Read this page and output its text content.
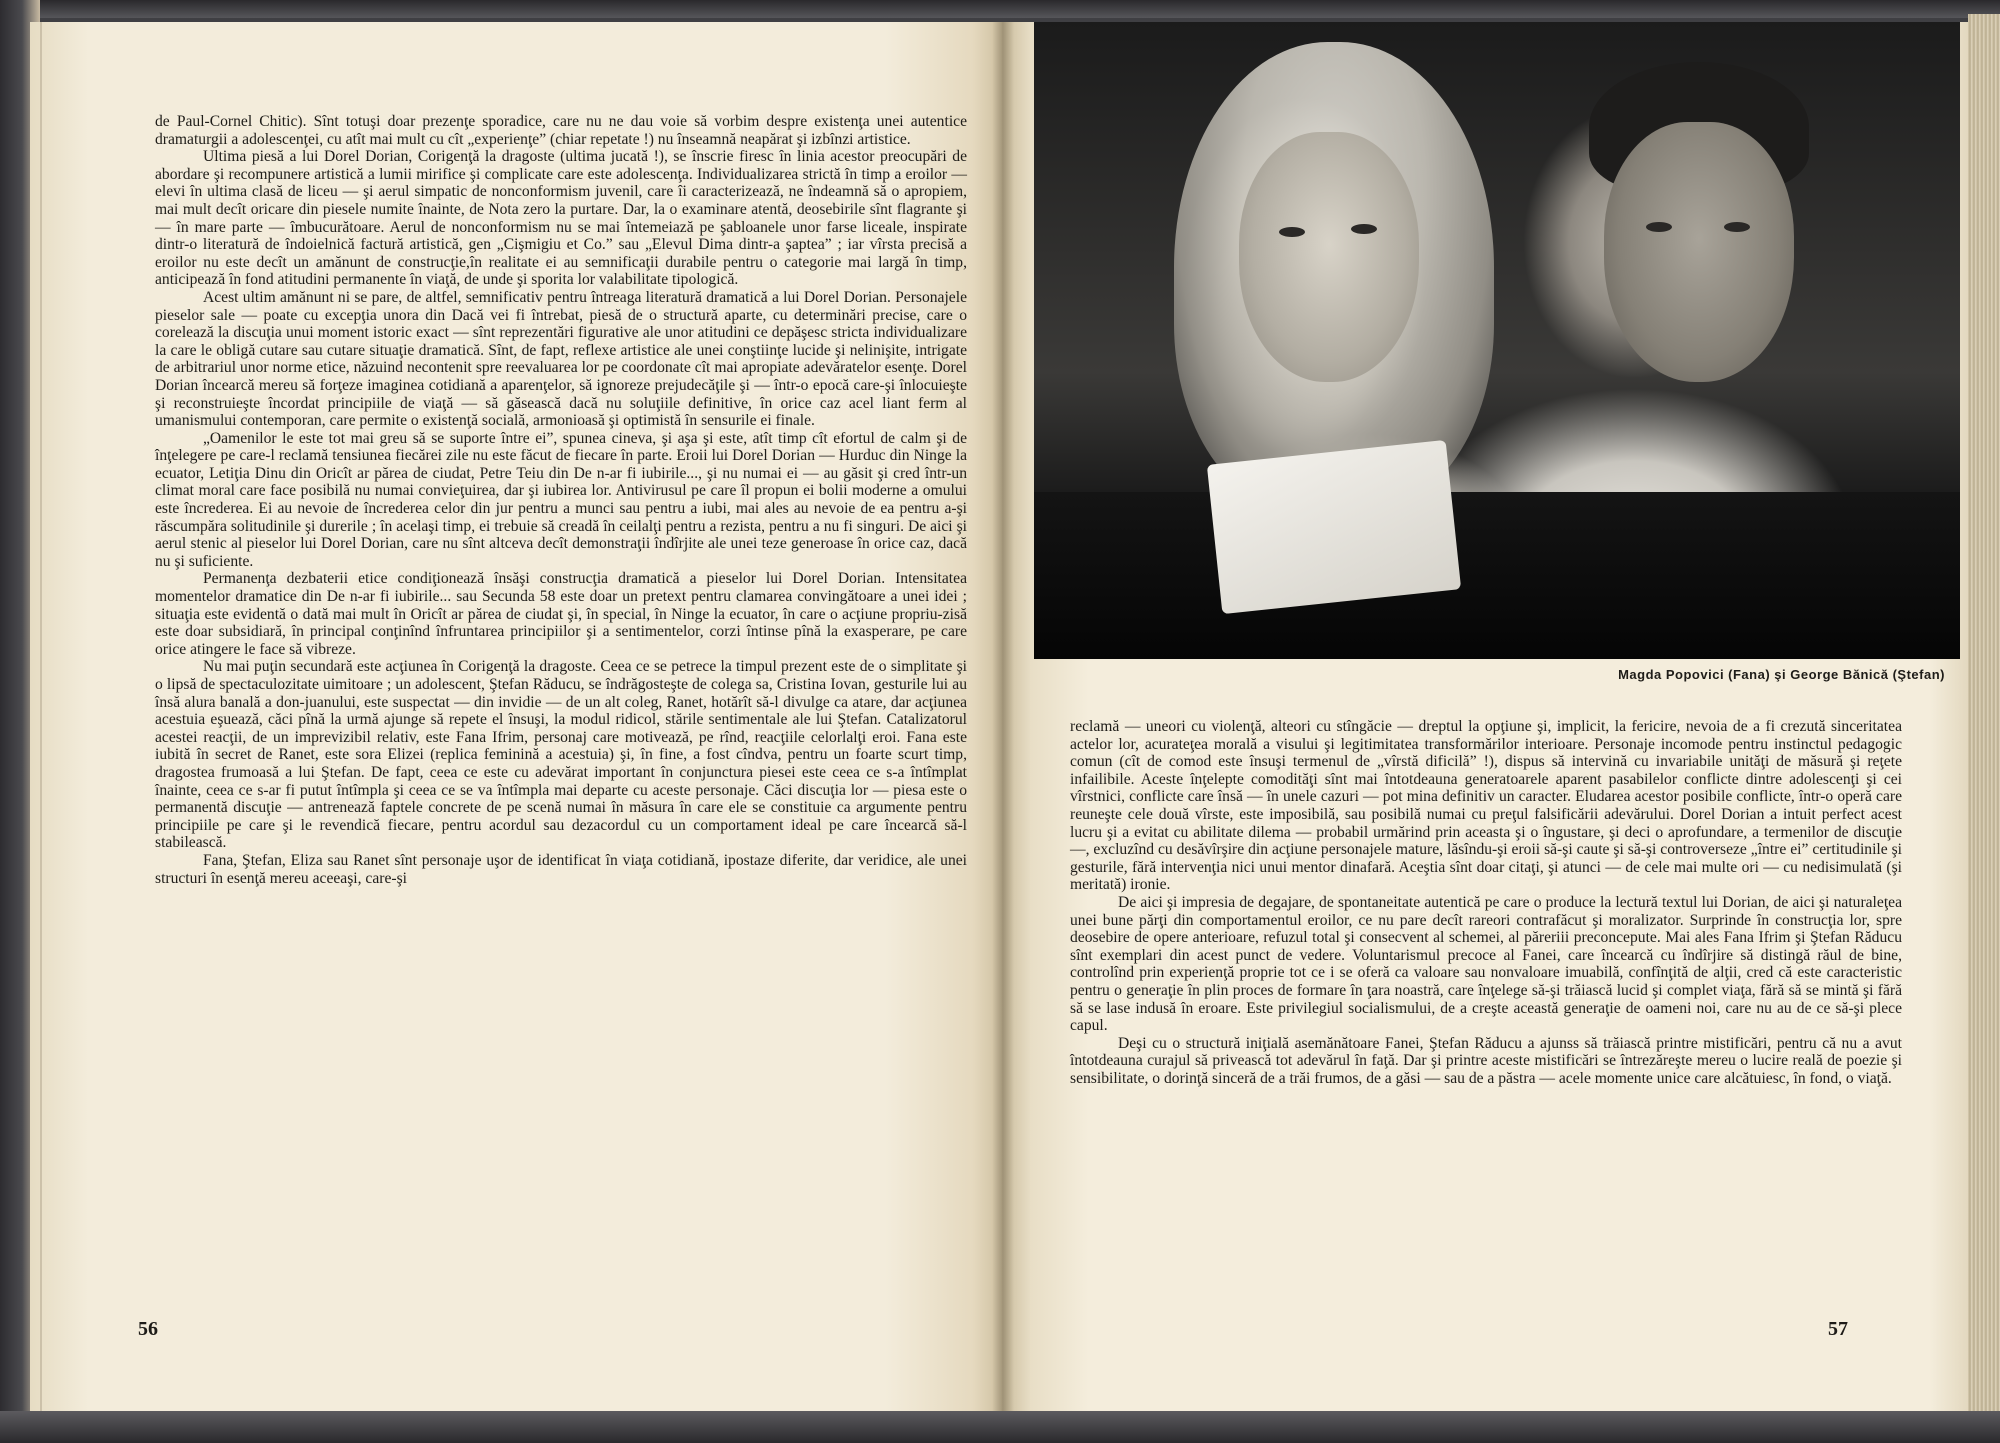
de Paul-Cornel Chitic). Sînt totuşi doar prezenţe sporadice, care nu ne dau voie să vorbim despre existenţa unei autentice dramaturgii a adolescenţei, cu atît mai mult cu cît „experienţe” (chiar repetate !) nu înseamnă neapărat şi izbînzi artistice.

Ultima piesă a lui Dorel Dorian, Corigenţă la dragoste (ultima jucată !), se înscrie firesc în linia acestor preocupări de abordare şi recompunere artistică a lumii mirifice şi complicate care este adolescenţa. Individualizarea strictă în timp a eroilor — elevi în ultima clasă de liceu — şi aerul simpatic de nonconformism juvenil, care îi caracterizează, ne îndeamnă să o apropiem, mai mult decît oricare din piesele numite înainte, de Nota zero la purtare. Dar, la o examinare atentă, deosebirile sînt flagrante şi — în mare parte — îmbucurătoare. Aerul de nonconformism nu se mai întemeiază pe şabloanele unor farse liceale, inspirate dintr-o literatură de îndoielnică factură artistică, gen „Cişmigiu et Co.” sau „Elevul Dima dintr-a şaptea” ; iar vîrsta precisă a eroilor nu este decît un amănunt de construcţie,în realitate ei au semnificaţii durabile pentru o categorie mai largă în timp, anticipează în fond atitudini permanente în viaţă, de unde şi sporita lor valabilitate tipologică.

Acest ultim amănunt ni se pare, de altfel, semnificativ pentru întreaga literatură dramatică a lui Dorel Dorian. Personajele pieselor sale — poate cu excepţia unora din Dacă vei fi întrebat, piesă de o structură aparte, cu determinări precise, care o corelează la discuţia unui moment istoric exact — sînt reprezentări figurative ale unor atitudini ce depăşesc stricta individualizare la care le obligă cutare sau cutare situaţie dramatică. Sînt, de fapt, reflexe artistice ale unei conştiinţe lucide şi nelinişite, intrigate de arbitrariul unor norme etice, năzuind necontenit spre reevaluarea lor pe coordonate cît mai apropiate adevăratelor esenţe. Dorel Dorian încearcă mereu să forţeze imaginea cotidiană a aparenţelor, să ignoreze prejudecăţile şi — într-o epocă care-şi înlocuieşte şi reconstruieşte încordat principiile de viaţă — să găsească dacă nu soluţiile definitive, în orice caz acel liant ferm al umanismului contemporan, care permite o existenţă socială, armonioasă şi optimistă în sensurile ei finale.

„Oamenilor le este tot mai greu să se suporte între ei”, spunea cineva, şi aşa şi este, atît timp cît efortul de calm şi de înţelegere pe care-l reclamă tensiunea fiecărei zile nu este făcut de fiecare în parte. Eroii lui Dorel Dorian — Hurduc din Ninge la ecuator, Letiţia Dinu din Oricît ar părea de ciudat, Petre Teiu din De n-ar fi iubirile..., şi nu numai ei — au găsit şi cred într-un climat moral care face posibilă nu numai convieţuirea, dar şi iubirea lor. Antivirusul pe care îl propun ei bolii moderne a omului este încrederea. Ei au nevoie de încrederea celor din jur pentru a munci sau pentru a iubi, mai ales au nevoie de ea pentru a-şi răscumpăra solitudinile şi durerile ; în acelaşi timp, ei trebuie să creadă în ceilalţi pentru a rezista, pentru a nu fi singuri. De aici şi aerul stenic al pieselor lui Dorel Dorian, care nu sînt altceva decît demonstraţii îndîrjite ale unei teze generoase în orice caz, dacă nu şi suficiente.

Permanenţa dezbaterii etice condiţionează însăşi construcţia dramatică a pieselor lui Dorel Dorian. Intensitatea momentelor dramatice din De n-ar fi iubirile... sau Secunda 58 este doar un pretext pentru clamarea convingătoare a unei idei ; situaţia este evidentă o dată mai mult în Oricît ar părea de ciudat şi, în special, în Ninge la ecuator, în care o acţiune propriu-zisă este doar subsidiară, în principal conţinînd înfruntarea principiilor şi a sentimentelor, corzi întinse pînă la exasperare, pe care orice atingere le face să vibreze.

Nu mai puţin secundară este acţiunea în Corigenţă la dragoste. Ceea ce se petrece la timpul prezent este de o simplitate şi o lipsă de spectaculozitate uimitoare ; un adolescent, Ştefan Răducu, se îndrăgosteşte de colega sa, Cristina Iovan, gesturile lui au însă alura banală a don-juanului, este suspectat — din invidie — de un alt coleg, Ranet, hotărît să-l divulge ca atare, dar acţiunea acestuia eşuează, căci pînă la urmă ajunge să repete el însuşi, la modul ridicol, stările sentimentale ale lui Ştefan. Catalizatorul acestei reacţii, de un imprevizibil relativ, este Fana Ifrim, personaj care motivează, pe rînd, reacţiile celorlalţi eroi. Fana este iubită în secret de Ranet, este sora Elizei (replica feminină a acestuia) şi, în fine, a fost cîndva, pentru un foarte scurt timp, dragostea frumoasă a lui Ştefan. De fapt, ceea ce este cu adevărat important în conjunctura piesei este ceea ce s-a întîmplat înainte, ceea ce s-ar fi putut întîmpla şi ceea ce se va întîmpla mai departe cu aceste personaje. Căci discuţia lor — piesa este o permanentă discuţie — antrenează faptele concrete de pe scenă numai în măsura în care ele se constituie ca argumente pentru principiile pe care şi le revendică fiecare, pentru acordul sau dezacordul cu un comportament ideal pe care încearcă să-l stabilească.

Fana, Ştefan, Eliza sau Ranet sînt personaje uşor de identificat în viaţa cotidiană, ipostaze diferite, dar veridice, ale unei structuri în esenţă mereu aceeaşi, care-şi

56
Magda Popovici (Fana) şi George Bănică (Ştefan)

reclamă — uneori cu violenţă, alteori cu stîngăcie — dreptul la opţiune şi, implicit, la fericire, nevoia de a fi crezută sinceritatea actelor lor, acurateţea morală a visului şi legitimitatea transformărilor interioare. Personaje incomode pentru instinctul pedagogic comun (cît de comod este însuşi termenul de „vîrstă dificilă” !), dispus să intervină cu invariabile unităţi de măsură şi reţete infailibile. Aceste înţelepte comodităţi sînt mai întotdeauna generatoarele aparent pasabilelor conflicte dintre adolescenţi şi cei vîrstnici, conflicte care însă — în unele cazuri — pot mina definitiv un caracter. Eludarea acestor posibile conflicte, într-o operă care reuneşte cele două vîrste, este imposibilă, sau posibilă numai cu preţul falsificării adevărului. Dorel Dorian a intuit perfect acest lucru şi a evitat cu abilitate dilema — probabil urmărind prin aceasta şi o îngustare, şi deci o aprofundare, a termenilor de discuţie —, excluzînd cu desăvîrşire din acţiune personajele mature, lăsîndu-şi eroii să-şi caute şi să-şi controverseze „între ei” certitudinile şi gesturile, fără intervenţia nici unui mentor dinafară. Aceştia sînt doar citaţi, şi atunci — de cele mai multe ori — cu nedisimulată (şi meritată) ironie.

De aici şi impresia de degajare, de spontaneitate autentică pe care o produce la lectură textul lui Dorian, de aici şi naturaleţea unei bune părţi din comportamentul eroilor, ce nu pare decît rareori contrafăcut şi moralizator. Surprinde în construcţia lor, spre deosebire de opere anterioare, refuzul total şi consecvent al schemei, al păreriii preconcepute. Mai ales Fana Ifrim şi Ştefan Răducu sînt exemplari din acest punct de vedere. Voluntarismul precoce al Fanei, care încearcă cu îndîrjire să distingă răul de bine, controlînd prin experienţă proprie tot ce i se oferă ca valoare sau nonvaloare imuabilă, confînţită de alţii, cred că este caracteristic pentru o generaţie în plin proces de formare în ţara noastră, care înţelege să-şi trăiască lucid şi complet viaţa, fără să se mintă şi fără să se lase indusă în eroare. Este privilegiul socialismului, de a creşte această generaţie de oameni noi, care nu au de ce să-şi plece capul.

Deşi cu o structură iniţială asemănătoare Fanei, Ştefan Răducu a ajunss să trăiască printre mistificări, pentru că nu a avut întotdeauna curajul să privească tot adevărul în faţă. Dar şi printre aceste mistificări se întrezăreşte mereu o lucire reală de poezie şi sensibilitate, o dorinţă sinceră de a trăi frumos, de a găsi — sau de a păstra — acele momente unice care alcătuiesc, în fond, o viaţă.

57
